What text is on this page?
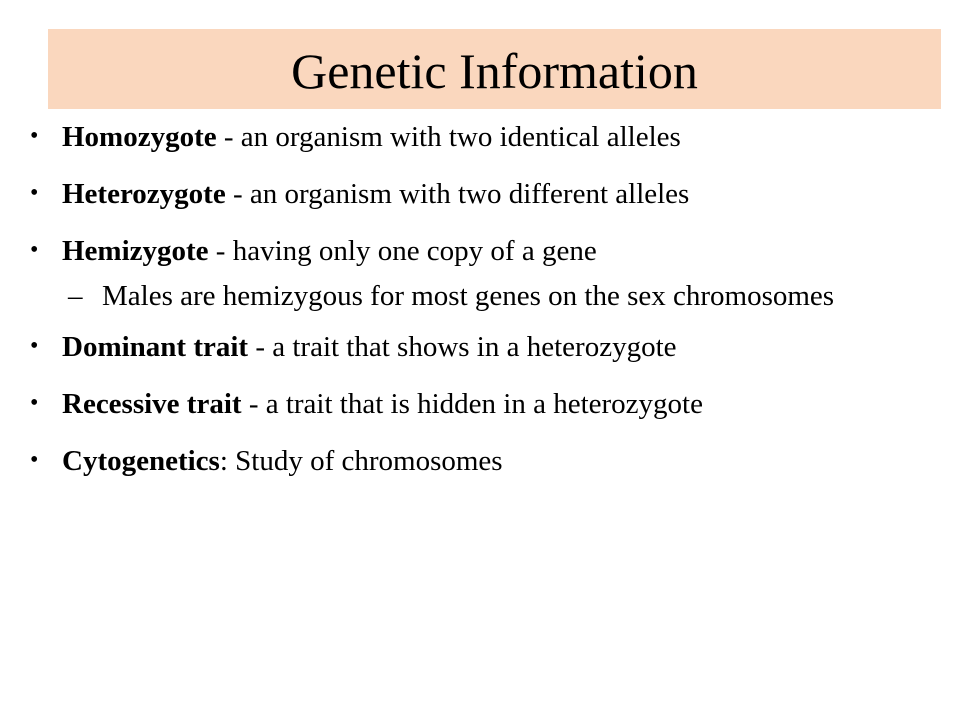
Genetic Information
• Homozygote - an organism with two identical alleles
• Heterozygote - an organism with two different alleles
• Hemizygote - having only one copy of a gene
– Males are hemizygous for most genes on the sex chromosomes
• Dominant trait - a trait that shows in a heterozygote
• Recessive trait - a trait that is hidden in a heterozygote
• Cytogenetics: Study of chromosomes
